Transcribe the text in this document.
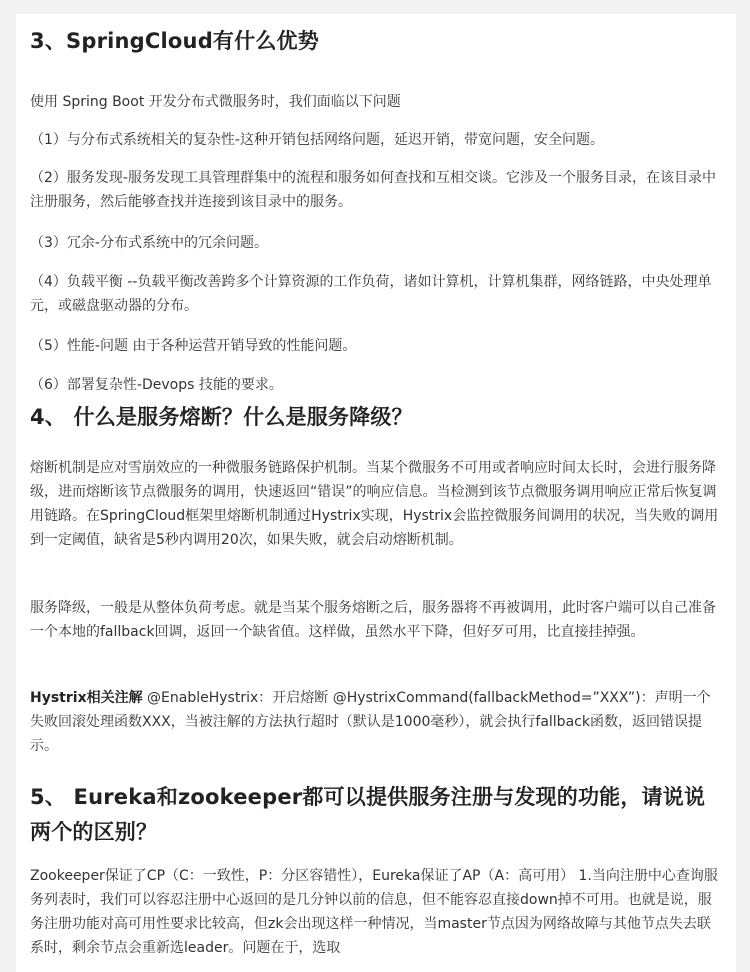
3、SpringCloud有什么优势

使用 Spring Boot 开发分布式微服务时，我们面临以下问题

（1）与分布式系统相关的复杂性-这种开销包括网络问题，延迟开销，带宽问题，安全问题。

（2）服务发现-服务发现工具管理群集中的流程和服务如何查找和互相交谈。它涉及一个服务目录，在该目录中注册服务，然后能够查找并连接到该目录中的服务。

（3）冗余-分布式系统中的冗余问题。

（4）负载平衡 --负载平衡改善跨多个计算资源的工作负荷，诸如计算机，计算机集群，网络链路，中央处理单元，或磁盘驱动器的分布。

（5）性能-问题 由于各种运营开销导致的性能问题。

（6）部署复杂性-Devops 技能的要求。

4、 什么是服务熔断？什么是服务降级？

熔断机制是应对雪崩效应的一种微服务链路保护机制。当某个微服务不可用或者响应时间太长时，会进行服务降级，进而熔断该节点微服务的调用，快速返回“错误”的响应信息。当检测到该节点微服务调用响应正常后恢复调用链路。在SpringCloud框架里熔断机制通过Hystrix实现，Hystrix会监控微服务间调用的状况，当失败的调用到一定阈值，缺省是5秒内调用20次，如果失败，就会启动熔断机制。

服务降级，一般是从整体负荷考虑。就是当某个服务熔断之后，服务器将不再被调用，此时客户端可以自己准备一个本地的fallback回调，返回一个缺省值。这样做，虽然水平下降，但好歹可用，比直接挂掉强。

Hystrix相关注解 @EnableHystrix：开启熔断 @HystrixCommand(fallbackMethod=”XXX”)：声明一个失败回滚处理函数XXX，当被注解的方法执行超时（默认是1000毫秒），就会执行fallback函数，返回错误提示。

5、 Eureka和zookeeper都可以提供服务注册与发现的功能，请说说两个的区别？

Zookeeper保证了CP（C：一致性，P：分区容错性），Eureka保证了AP（A：高可用） 1.当向注册中心查询服务列表时，我们可以容忍注册中心返回的是几分钟以前的信息，但不能容忍直接down掉不可用。也就是说，服务注册功能对高可用性要求比较高，但zk会出现这样一种情况，当master节点因为网络故障与其他节点失去联系时，剩余节点会重新选leader。问题在于，选取
